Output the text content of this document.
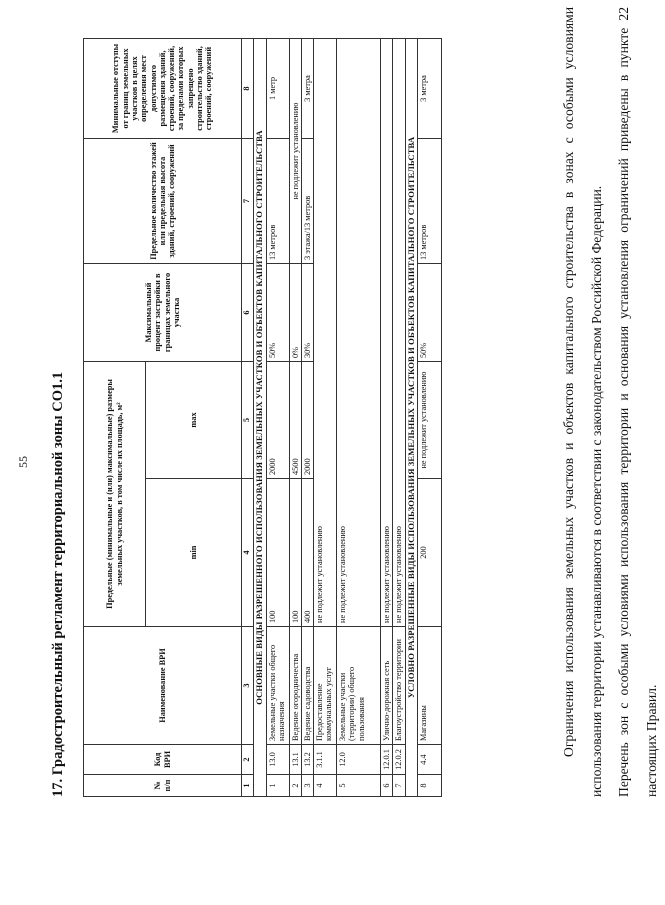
55 17. Градостроительный регламент территориальной зоны СО1.1	№ п/п	Код ВРИ	Наименование ВРИ	Предельные (минимальные и (или) максимальные) размеры земельных участков, в том числе их площадь, м²		Максимальный процент застройки в границах земельного участка	Предельное количество этажей или предельная высота зданий, строений, сооружений	Минимальные отступы от границ земельных участков в целях определения мест допустимого размещения зданий, строений, сооружений, за пределами которых запрещено строительство зданий, строений, сооружений
			min	max			
1	2	3	4	5	6	7	8
ОСНОВНЫЕ ВИДЫ РАЗРЕШЕННОГО ИСПОЛЬЗОВАНИЯ ЗЕМЕЛЬНЫХ УЧАСТКОВ И ОБЪЕКТОВ КАПИТАЛЬНОГО СТРОИТЕЛЬСТВА							
1	13.0	Земельные участки общего назначения	100	2000	50%	13 метров	1 метр
2	13.1	Ведение огородничества	100	4500	0%	не подлежит установлению	
3	13.2	Ведение садоводства	400	2000	30%	3 этажа/13 метров	3 метра
4	3.1.1	Предоставление коммунальных услуг	не подлежит установлению				
5	12.0	Земельные участки (территории) общего пользования	не подлежит установлению				
6	12.0.1	Улично-дорожная сеть	не подлежит установлению				
7	12.0.2	Благоустройство территории	не подлежит установлению				
УСЛОВНО РАЗРЕШЕННЫЕ ВИДЫ ИСПОЛЬЗОВАНИЯ ЗЕМЕЛЬНЫХ УЧАСТКОВ И ОБЪЕКТОВ КАПИТАЛЬНОГО СТРОИТЕЛЬСТВА							
8	4.4	Магазины	200	не подлежит установлению	50%	13 метров	3 метра	Ограничения использования земельных участков и объектов капитального строительства в зонах с особыми условиями использования территории устанавливаются в соответствии с законодательством Российской Федерации. Перечень зон с особыми условиями использования территории и основания установления ограничений приведены в пункте 22 настоящих Правил.
